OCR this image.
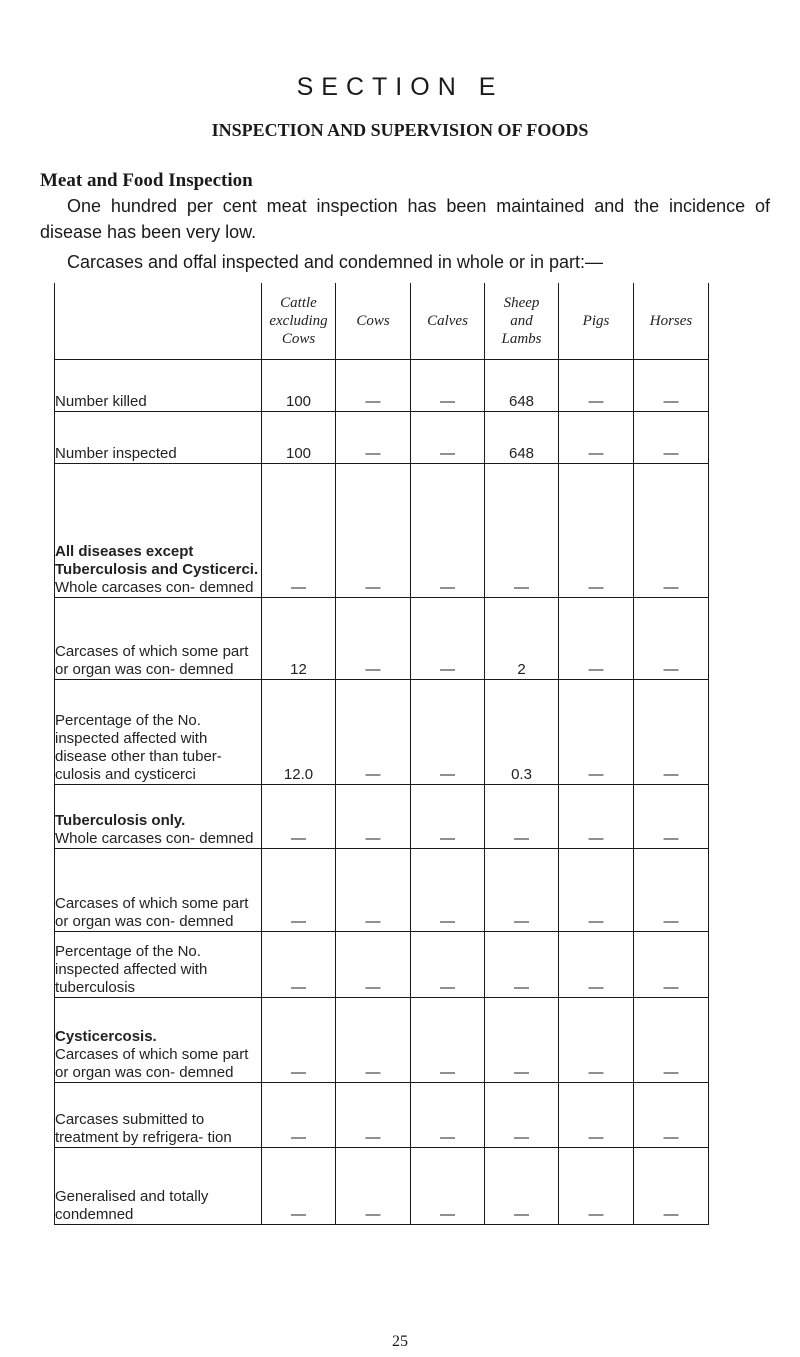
SECTION E
INSPECTION AND SUPERVISION OF FOODS
Meat and Food Inspection

One hundred per cent meat inspection has been maintained and the incidence of disease has been very low.

Carcases and offal inspected and condemned in whole or in part:—

	Cattle
excluding
Cows	Cows	Calves	Sheep
and
Lambs	Pigs	Horses

Number killed	100	—	—	648	—	—

Number inspected	100	—	—	648	—	—

All diseases except Tuberculosis and Cysticerci.
Whole carcases con- demned	—	—	—	—	—	—

Carcases of which some part or organ was con- demned	12	—	—	2	—	—

Percentage of the No. inspected affected with disease other than tuber- culosis and cysticerci	12.0	—	—	0.3	—	—

Tuberculosis only.
Whole carcases con- demned	—	—	—	—	—	—

Carcases of which some part or organ was con- demned	—	—	—	—	—	—

Percentage of the No. inspected affected with tuberculosis	—	—	—	—	—	—

Cysticercosis.
Carcases of which some part or organ was con- demned	—	—	—	—	—	—

Carcases submitted to treatment by refrigera- tion	—	—	—	—	—	—

Generalised and totally condemned	—	—	—	—	—	—

25
